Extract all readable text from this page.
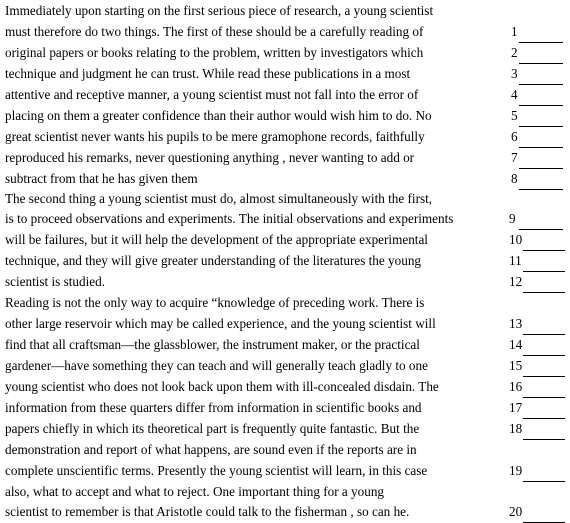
Immediately upon starting on the first serious piece of research, a young scientist
must therefore do two things. The first of these should be a carefully reading of
original papers or books relating to the problem, written by investigators which
technique and judgment he can trust. While read these publications in a most
attentive and receptive manner, a young scientist must not fall into the error of
placing on them a greater confidence than their author would wish him to do. No
great scientist never wants his pupils to be mere gramophone records, faithfully
reproduced his remarks, never questioning anything , never wanting to add or
subtract from that he has given them
The second thing a young scientist must do, almost simultaneously with the first,
is to proceed observations and experiments. The initial observations and experiments
will be failures, but it will help the development of the appropriate experimental
technique, and they will give greater understanding of the literatures the young
scientist is studied.
Reading is not the only way to acquire “knowledge of preceding work. There is
other large reservoir which may be called experience, and the young scientist will
find that all craftsman—the glassblower, the instrument maker, or the practical
gardener—have something they can teach and will generally teach gladly to one
young scientist who does not look back upon them with ill-concealed disdain. The
information from these quarters differ from information in scientific books and
papers chiefly in which its theoretical part is frequently quite fantastic. But the
demonstration and report of what happens, are sound even if the reports are in
complete unscientific terms. Presently the young scientist will learn, in this case
also, what to accept and what to reject. One important thing for a young
scientist to remember is that Aristotle could talk to the fisherman , so can he.
1
2
3
4
5
6
7
8
9
10
11
12
13
14
15
16
17
18
19
20
